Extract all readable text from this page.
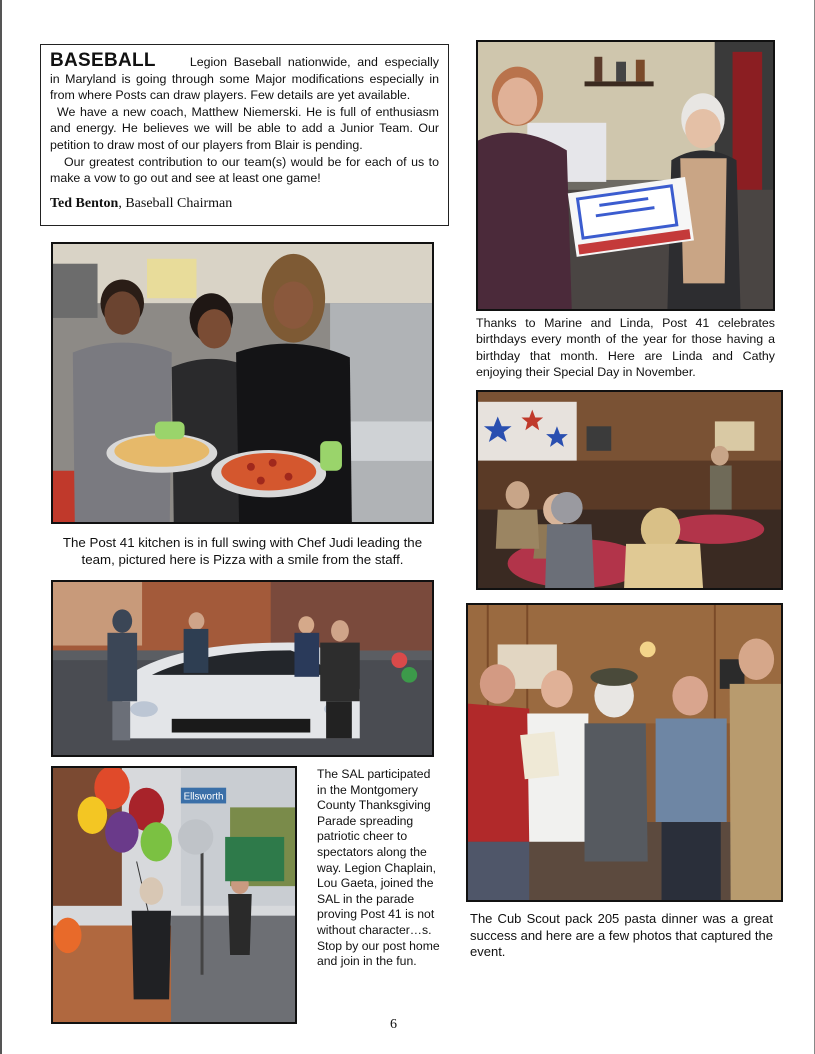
BASEBALL	Legion Baseball nationwide, and especially in Maryland is going through some Major modifications especially in from where Posts can draw players. Few details are yet available.

We have a new coach, Matthew Niemerski. He is full of enthusiasm and energy. He believes we will be able to add a Junior Team. Our petition to draw most of our players from Blair is pending.

Our greatest contribution to our team(s) would be for each of us to make a vow to go out and see at least one game!

Ted Benton, Baseball Chairman

Thanks to Marine and Linda, Post 41 celebrates birthdays every month of the year for those having a birthday that month. Here are Linda and Cathy enjoying their Special Day in November.
The Post 41 kitchen is in full swing with Chef Judi leading the team, pictured here is Pizza with a smile from the staff.
The Cub Scout pack 205 pasta dinner was a great success and here are a few photos that captured the event.
Ellsworth
The SAL participated in the Montgomery County Thanksgiving Parade spreading patriotic cheer to spectators along the way. Legion Chaplain, Lou Gaeta, joined the SAL in the parade proving Post 41 is not without character…s. Stop by our post home and join in the fun.
6
